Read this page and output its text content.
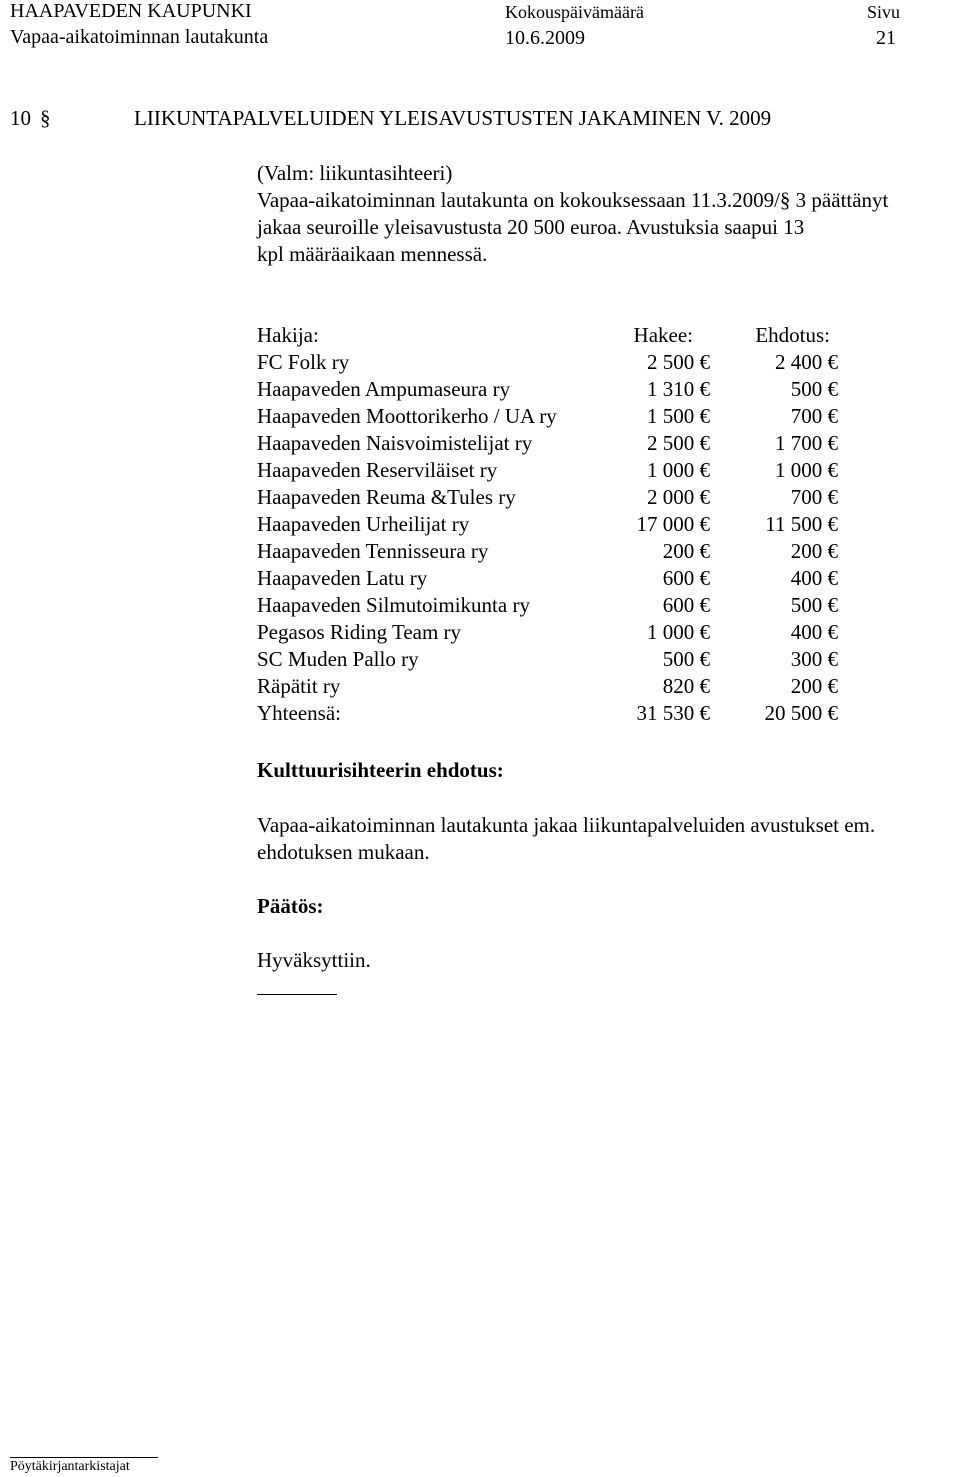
HAAPAVEDEN KAUPUNKI
Vapaa-aikatoiminnan lautakunta
Kokouspäivämäärä
10.6.2009
Sivu
21
10 §	LIIKUNTAPALVELUIDEN YLEISAVUSTUSTEN JAKAMINEN V. 2009
(Valm: liikuntasihteeri)
Vapaa-aikatoiminnan lautakunta on kokouksessaan 11.3.2009/§ 3 päättänyt
jakaa seuroille yleisavustusta 20 500 euroa. Avustuksia saapui 13
kpl määräaikaan mennessä.
Hakija:	Hakee:	Ehdotus:
FC Folk ry	2 500 €	2 400 €
Haapaveden Ampumaseura ry	1 310 €	500 €
Haapaveden Moottorikerho / UA ry	1 500 €	700 €
Haapaveden Naisvoimistelijat ry	2 500 €	1 700 €
Haapaveden Reserviläiset ry	1 000 €	1 000 €
Haapaveden Reuma &Tules ry	2 000 €	700 €
Haapaveden Urheilijat ry	17 000 €	11 500 €
Haapaveden Tennisseura ry	200 €	200 €
Haapaveden Latu ry	600 €	400 €
Haapaveden Silmutoimikunta ry	600 €	500 €
Pegasos Riding Team ry	1 000 €	400 €
SC Muden Pallo ry	500 €	300 €
Räpätit ry	820 €	200 €
Yhteensä:	31 530 €	20 500 €
Kulttuurisihteerin ehdotus:
Vapaa-aikatoiminnan lautakunta jakaa liikuntapalveluiden avustukset em.
ehdotuksen mukaan.
Päätös:
Hyväksyttiin.
Pöytäkirjantarkistajat
